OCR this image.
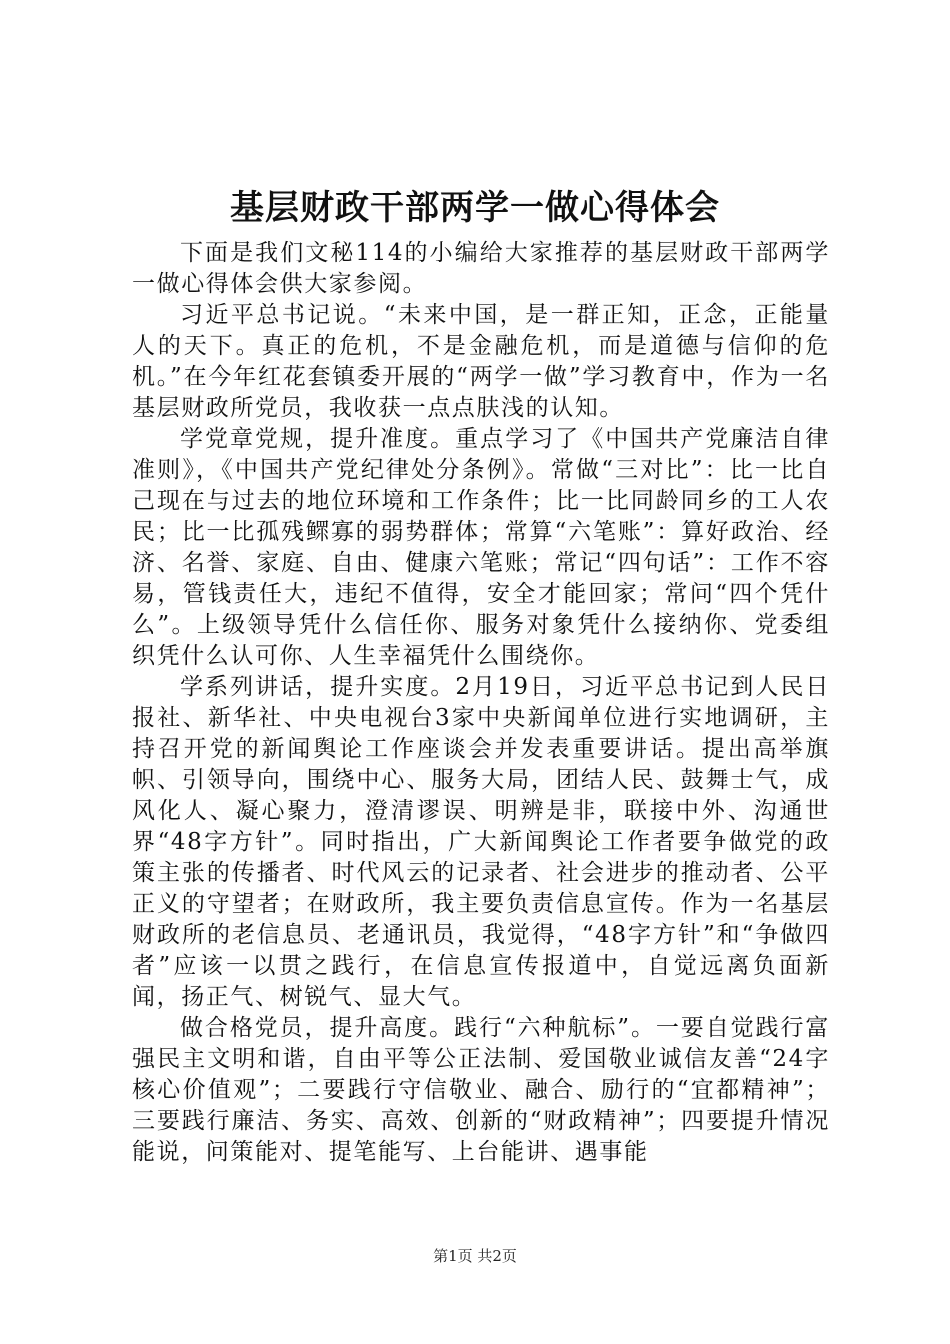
基层财政干部两学一做心得体会

下面是我们文秘114的小编给大家推荐的基层财政干部两学一做心得体会供大家参阅。

习近平总书记说。“未来中国，是一群正知，正念，正能量人的天下。真正的危机，不是金融危机，而是道德与信仰的危机。”在今年红花套镇委开展的“两学一做”学习教育中，作为一名基层财政所党员，我收获一点点肤浅的认知。

学党章党规，提升准度。重点学习了《中国共产党廉洁自律准则》，《中国共产党纪律处分条例》。常做“三对比”：比一比自己现在与过去的地位环境和工作条件；比一比同龄同乡的工人农民；比一比孤残鳏寡的弱势群体；常算“六笔账”：算好政治、经济、名誉、家庭、自由、健康六笔账；常记“四句话”：工作不容易，管钱责任大，违纪不值得，安全才能回家；常问“四个凭什么”。上级领导凭什么信任你、服务对象凭什么接纳你、党委组织凭什么认可你、人生幸福凭什么围绕你。

学系列讲话，提升实度。2月19日，习近平总书记到人民日报社、新华社、中央电视台3家中央新闻单位进行实地调研，主持召开党的新闻舆论工作座谈会并发表重要讲话。提出高举旗帜、引领导向，围绕中心、服务大局，团结人民、鼓舞士气，成风化人、凝心聚力，澄清谬误、明辨是非，联接中外、沟通世界“48字方针”。同时指出，广大新闻舆论工作者要争做党的政策主张的传播者、时代风云的记录者、社会进步的推动者、公平正义的守望者；在财政所，我主要负责信息宣传。作为一名基层财政所的老信息员、老通讯员，我觉得，“48字方针”和“争做四者”应该一以贯之践行，在信息宣传报道中，自觉远离负面新闻，扬正气、树锐气、显大气。

做合格党员，提升高度。践行“六种航标”。一要自觉践行富强民主文明和谐，自由平等公正法制、爱国敬业诚信友善“24字核心价值观”；二要践行守信敬业、融合、励行的“宜都精神”；三要践行廉洁、务实、高效、创新的“财政精神”；四要提升情况能说，问策能对、提笔能写、上台能讲、遇事能

第1页 共2页
